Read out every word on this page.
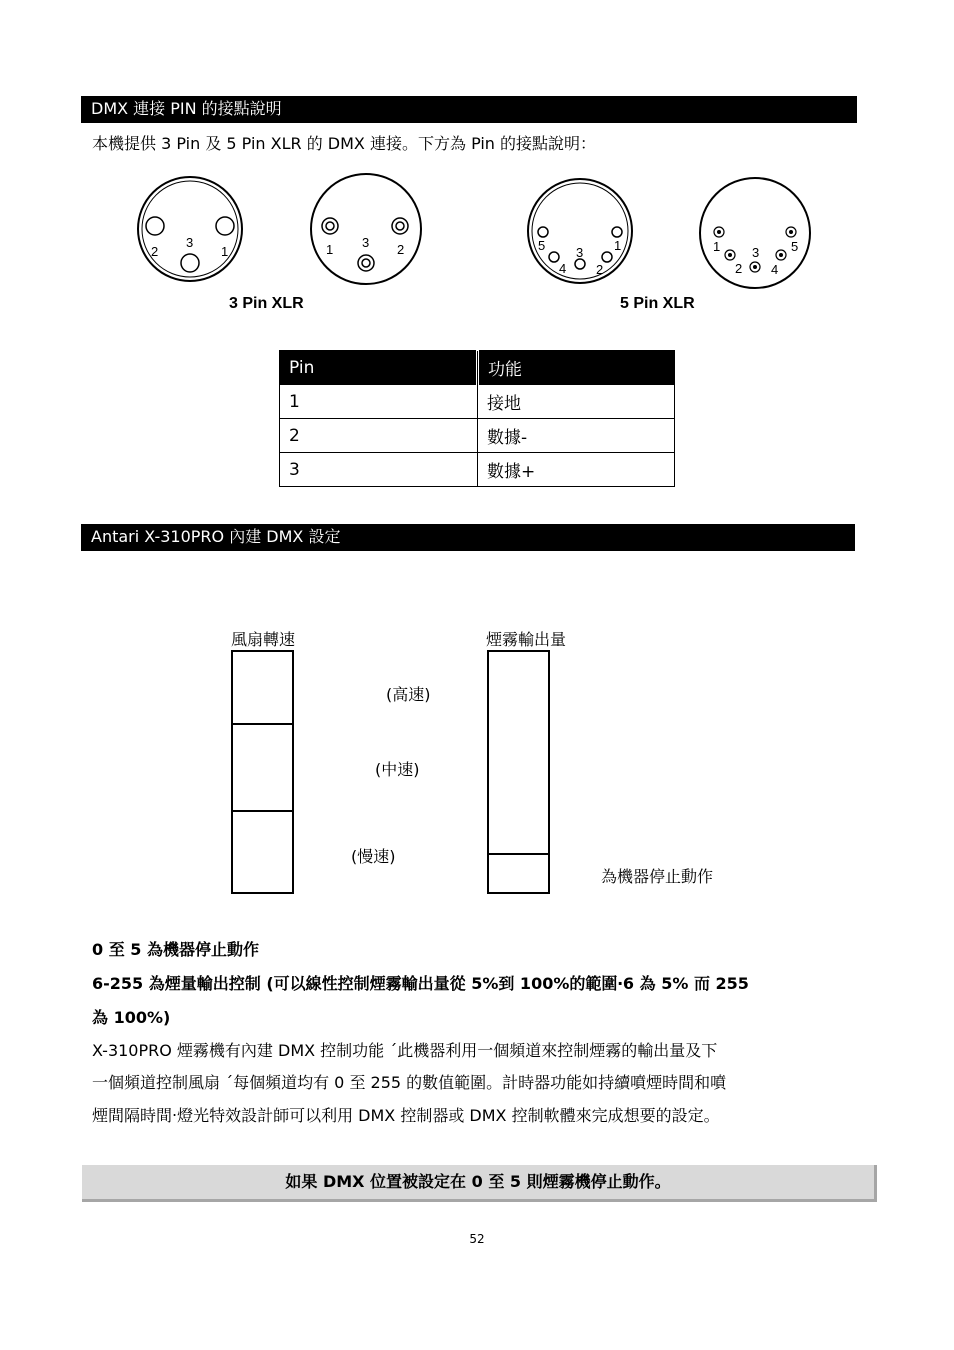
DMX 連接 PIN 的接點說明
本機提供 3 Pin 及 5 Pin XLR 的 DMX 連接。下方為 Pin 的接點說明：
2
3
1	1 3 2	5	1
3
4 2
1	5
3
2 4
3 Pin XLR	5 Pin XLR
Pin	功能
1	接地
2	數據-
3	數據+
Antari X-310PRO 內建 DMX 設定
風扇轉速	煙霧輸出量
(高速)
(中速)
(慢速)
為機器停止動作
0 至 5 為機器停止動作
6-255 為煙量輸出控制 (可以線性控制煙霧輸出量從 5%到 100%的範圍‧6 為 5% 而 255
為 100%)
X-310PRO 煙霧機有內建 DMX 控制功能 ˊ此機器利用一個頻道來控制煙霧的輸出量及下
一個頻道控制風扇 ˊ每個頻道均有 0 至 255 的數值範圍。計時器功能如持續噴煙時間和噴
煙間隔時間‧燈光特效設計師可以利用 DMX 控制器或 DMX 控制軟體來完成想要的設定。
如果 DMX 位置被設定在 0 至 5 則煙霧機停止動作。
52
